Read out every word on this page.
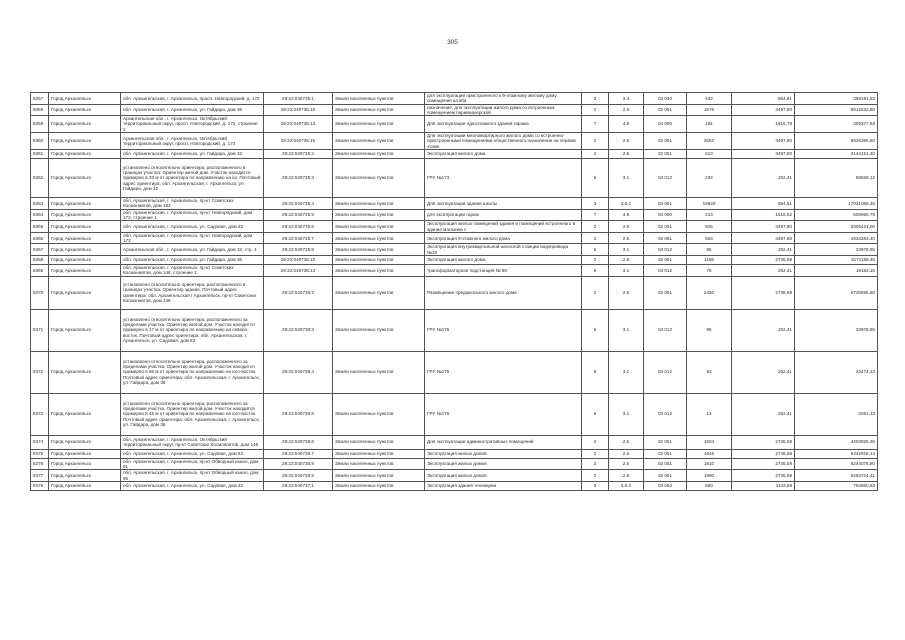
305
8357	Город Архангельск	обл. Архангельская, г. Архангельск, просп. Новгородский, д. 172	29:22:040735:1	Земли населенных пунктов	для эксплуатации пристроенного к 9-этажному жилому дому помещения штаба	3	3.4	03 040	432	854,61	369191,52
8358	Город Архангельск	обл. Архангельская, г. Архангельск, ул. Гайдара, дом 36	29:22:040735:10	Земли населенных пунктов	назначение: для эксплуатации жилого дома со встроенным помещением парикмахерской	2	2.5	02 051	1576	3497,80	5512532,80
8359	Город Архангельск	Архангельская обл., г. Архангельск, Октябрьский территориальный округ, просп. Новгородский, д. 172, строение 2	29:22:040735:13	Земли населенных пунктов	Для эксплуатации одноэтажного здания-гаража	7	4.9	04 090	191	1616,78	309377,68
8360	Город Архангельск	Архангельская обл., г. Архангельск, Октябрьский территориальный округ, просп. Новгородский, д. 174	29:22:040735:15	Земли населенных пунктов	Для эксплуатации многоквартирного жилого дома со встроенно-пристроенными помещениями общественного назначения на первом этаже	2	2.5	02 051	2552	3497,80	8926385,60
8361	Город Архангельск	обл. Архангельская, г. Архангельск, ул. Гайдара, дом 32	29:22:040735:2	Земли населенных пунктов	Эксплуатация жилого дома	2	2.5	02 051	613	3497,80	2144151,40
8362	Город Архангельск	установлено относительно ориентира, расположенного в границах участка. Ориентир жилой дом. Участок находится примерно в 33 м от ориентира по направлению на юг. Почтовый адрес ориентира: обл. Архангельская, г. Архангельск, ул. Гайдара, дом 32	29:22:040735:3	Земли населенных пунктов	ГРУ №173	6	3.1	03 012	232	252,41	58559,12
8363	Город Архангельск	обл. Архангельская, г. Архангельск, пр-кт Советских Космонавтов, дом 183	29:22:040735:4	Земли населенных пунктов	Для эксплуатации здания школы	3	3.5.1	03 051	19929	854,61	17031068,36
8364	Город Архангельск	обл. Архангельская, г. Архангельск, пр-кт Новгородский, дом 172, строение 1	29:22:040735:5	Земли населенных пунктов	для эксплуатации гараж	7	4.9	04 090	313	1616,52	505960,76
8365	Город Архангельск	обл. Архангельская, г. Архангельск, ул. Садовая, дом 43	29:22:040735:6	Земли населенных пунктов	Эксплуатация жилых помещений здания и помещений встроенного в здание магазина с	2	2.5	02 051	945	3497,80	3305421,00
8366	Город Архангельск	обл. Архангельская, г. Архангельск, пр-кт Новгородский, дом 172	29:22:040735:7	Земли населенных пунктов	Эксплуатация 9-этажного жилого дома	2	2.5	02 051	553	3497,80	1934283,40
8367	Город Архангельск	Архангельская обл., г. Архангельск, ул. Гайдара, дом 32, стр. 1	29:22:040735:8	Земли населенных пунктов	Эксплуатация внутриквартальной насосной станции водопровода №10	6	3.1	03 012	95	252,41	23978,95
8368	Город Архангельск	обл. Архангельская, г. Архангельск, ул. Гайдара, дом 36	29:22:040736:10	Земли населенных пунктов	Эксплуатация жилого дома	2	2.5	02 051	1155	2745,59	3171156,45
8369	Город Архангельск	обл. Архангельская, г. Архангельск, пр-кт Советских Космонавтов, дом 148, строение 1	29:22:040736:13	Земли населенных пунктов	трансформаторная подстанция № 98	6	3.1	03 012	76	252,41	19183,16
8370	Город Архангельск	установлено относительно ориентира, расположенного в границах участка. Ориентир здание. Почтовый адрес ориентира: обл. Архангельская / Архангельск, пр-кт Советских Космонавтов, дом 148	29:22:040736:2	Земли населенных пунктов	Размещение предшкольного жилого дома	2	2.5	02 051	2450	2745,59	6726695,50
8371	Город Архангельск	установлено относительно ориентира, расположенного за пределами участка. Ориентир жилой дом. Участок находится примерно в 17 м от ориентира по направлению на северо-восток. Почтовый адрес ориентира: обл. Архангельская, г. Архангельск, ул. Садовая, дом 63	29:22:040736:3	Земли населенных пунктов	ГРУ №175	6	3.1	03 012	95	252,41	23978,95
8372	Город Архангельск	установлено относительно ориентира, расположенного за пределами участка. Ориентир жилой дом. Участок находится примерно в 55 м от ориентира по направлению на юго-восток. Почтовый адрес ориентира: обл. Архангельская, г. Архангельск, ул. Гайдара, дом 36	29:22:040736:4	Земли населенных пунктов	ГРУ №176	6	3.1	03 012	93	252,41	23474,13
8373	Город Архангельск	установлено относительно ориентира, расположенного за пределами участка. Ориентир жилой дом. Участок находится примерно в 45 м от ориентира по направлению на юго-восток. Почтовый адрес ориентира: обл. Архангельская, г. Архангельск, ул. Гайдара, дом 36	29:22:040736:5	Земли населенных пунктов	ГРУ №176	6	3.1	03 012	13	252,41	3281,33
8374	Город Архангельск	обл. Архангельская, г. Архангельск, Октябрьский территориальный округ, пр-кт Советских Космонавтов, дом 146	29:22:040736:6	Земли населенных пунктов	Для эксплуатации административных помещений	2	2.5	02 051	1604	2745,59	4403926,36
8375	Город Архангельск	обл. Архангельская, г. Архангельск, ул. Садовая, дом 63	29:22:040736:7	Земли населенных пунктов	Эксплуатация жилых домов	2	2.5	02 051	1946	2745,59	5342918,14
8376	Город Архангельск	обл. Архангельская, г. Архангельск, пр-кт Обводный канал, дом 91	29:22:040736:8	Земли населенных пунктов	Эксплуатация жилых домов	2	2.5	02 051	1910	2745,59	5244076,90
8377	Город Архангельск	обл. Архангельская, г. Архангельск, пр-кт Обводный канал, дом 95	29:22:040736:9	Земли населенных пунктов	Эксплуатация жилых домов	2	2.5	02 051	1990	2745,59	5463724,41
8378	Город Архангельск	обл. Архангельская, г. Архангельск, ул. Садовая, дом 42	29:22:040737:1	Земли населенных пунктов	Эксплуатация здания техникума	3	3.5.2	03 052	660	1143,88	754960,80
